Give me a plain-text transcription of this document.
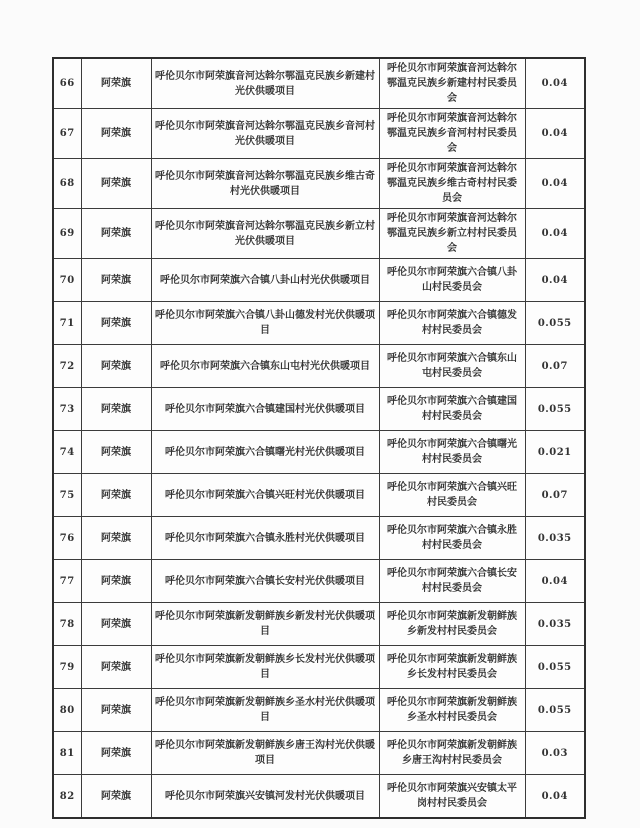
66	阿荣旗	呼伦贝尔市阿荣旗音河达斡尔鄂温克民族乡新建村光伏供暖项目	呼伦贝尔市阿荣旗音河达斡尔鄂温克民族乡新建村村民委员会	0.04
67	阿荣旗	呼伦贝尔市阿荣旗音河达斡尔鄂温克民族乡音河村光伏供暖项目	呼伦贝尔市阿荣旗音河达斡尔鄂温克民族乡音河村村民委员会	0.04
68	阿荣旗	呼伦贝尔市阿荣旗音河达斡尔鄂温克民族乡维古奇村光伏供暖项目	呼伦贝尔市阿荣旗音河达斡尔鄂温克民族乡维古奇村村民委员会	0.04
69	阿荣旗	呼伦贝尔市阿荣旗音河达斡尔鄂温克民族乡新立村光伏供暖项目	呼伦贝尔市阿荣旗音河达斡尔鄂温克民族乡新立村村民委员会	0.04
70	阿荣旗	呼伦贝尔市阿荣旗六合镇八卦山村光伏供暖项目	呼伦贝尔市阿荣旗六合镇八卦山村民委员会	0.04
71	阿荣旗	呼伦贝尔市阿荣旗六合镇八卦山德发村光伏供暖项目	呼伦贝尔市阿荣旗六合镇德发村村民委员会	0.055
72	阿荣旗	呼伦贝尔市阿荣旗六合镇东山屯村光伏供暖项目	呼伦贝尔市阿荣旗六合镇东山屯村民委员会	0.07
73	阿荣旗	呼伦贝尔市阿荣旗六合镇建国村光伏供暖项目	呼伦贝尔市阿荣旗六合镇建国村村民委员会	0.055
74	阿荣旗	呼伦贝尔市阿荣旗六合镇曙光村光伏供暖项目	呼伦贝尔市阿荣旗六合镇曙光村村民委员会	0.021
75	阿荣旗	呼伦贝尔市阿荣旗六合镇兴旺村光伏供暖项目	呼伦贝尔市阿荣旗六合镇兴旺村民委员会	0.07
76	阿荣旗	呼伦贝尔市阿荣旗六合镇永胜村光伏供暖项目	呼伦贝尔市阿荣旗六合镇永胜村村民委员会	0.035
77	阿荣旗	呼伦贝尔市阿荣旗六合镇长安村光伏供暖项目	呼伦贝尔市阿荣旗六合镇长安村村民委员会	0.04
78	阿荣旗	呼伦贝尔市阿荣旗新发朝鲜族乡新发村光伏供暖项目	呼伦贝尔市阿荣旗新发朝鲜族乡新发村村民委员会	0.035
79	阿荣旗	呼伦贝尔市阿荣旗新发朝鲜族乡长发村光伏供暖项目	呼伦贝尔市阿荣旗新发朝鲜族乡长发村村民委员会	0.055
80	阿荣旗	呼伦贝尔市阿荣旗新发朝鲜族乡圣水村光伏供暖项目	呼伦贝尔市阿荣旗新发朝鲜族乡圣水村村民委员会	0.055
81	阿荣旗	呼伦贝尔市阿荣旗新发朝鲜族乡唐王沟村光伏供暖项目	呼伦贝尔市阿荣旗新发朝鲜族乡唐王沟村村民委员会	0.03
82	阿荣旗	呼伦贝尔市阿荣旗兴安镇河发村光伏供暖项目	呼伦贝尔市阿荣旗兴安镇太平岗村村民委员会	0.04
